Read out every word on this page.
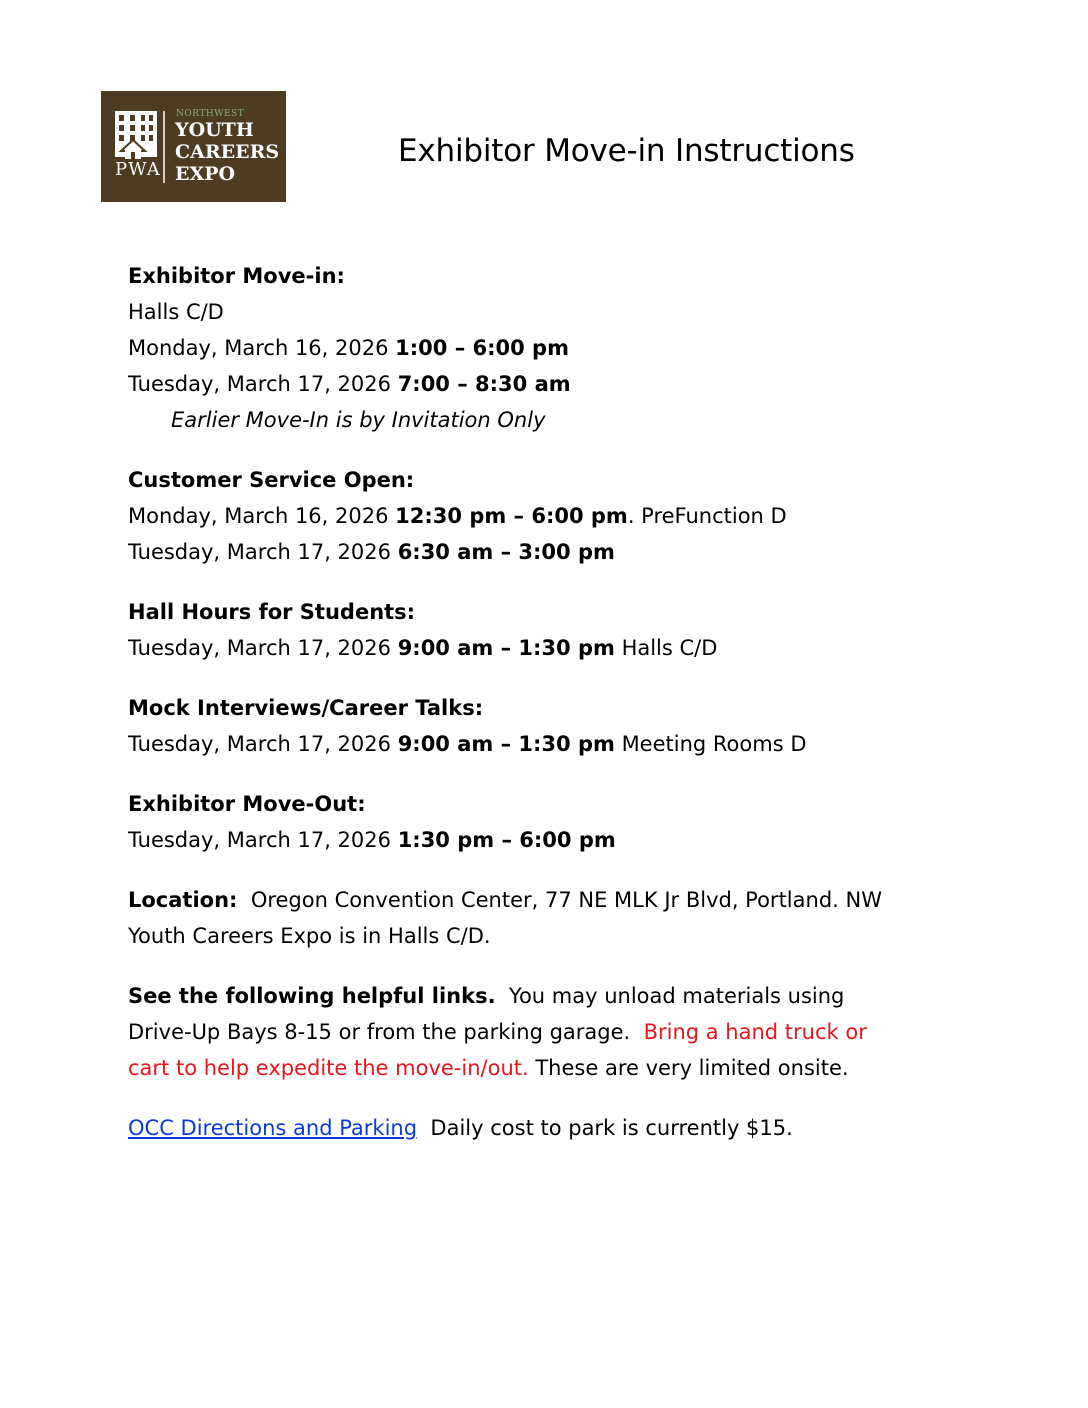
PWA
NORTHWEST
YOUTH
CAREERS
EXPO
Exhibitor Move-in Instructions
Exhibitor Move-in:
Halls C/D
Monday, March 16, 2026 1:00 – 6:00 pm
Tuesday, March 17, 2026 7:00 – 8:30 am
Earlier Move-In is by Invitation Only
Customer Service Open:
Monday, March 16, 2026 12:30 pm – 6:00 pm. PreFunction D
Tuesday, March 17, 2026 6:30 am – 3:00 pm
Hall Hours for Students:
Tuesday, March 17, 2026 9:00 am – 1:30 pm Halls C/D
Mock Interviews/Career Talks:
Tuesday, March 17, 2026 9:00 am – 1:30 pm Meeting Rooms D
Exhibitor Move-Out:
Tuesday, March 17, 2026 1:30 pm – 6:00 pm
Location: Oregon Convention Center, 77 NE MLK Jr Blvd, Portland. NW
Youth Careers Expo is in Halls C/D.
See the following helpful links. You may unload materials using
Drive-Up Bays 8-15 or from the parking garage. Bring a hand truck or
cart to help expedite the move-in/out. These are very limited onsite.
OCC Directions and Parking Daily cost to park is currently $15.
